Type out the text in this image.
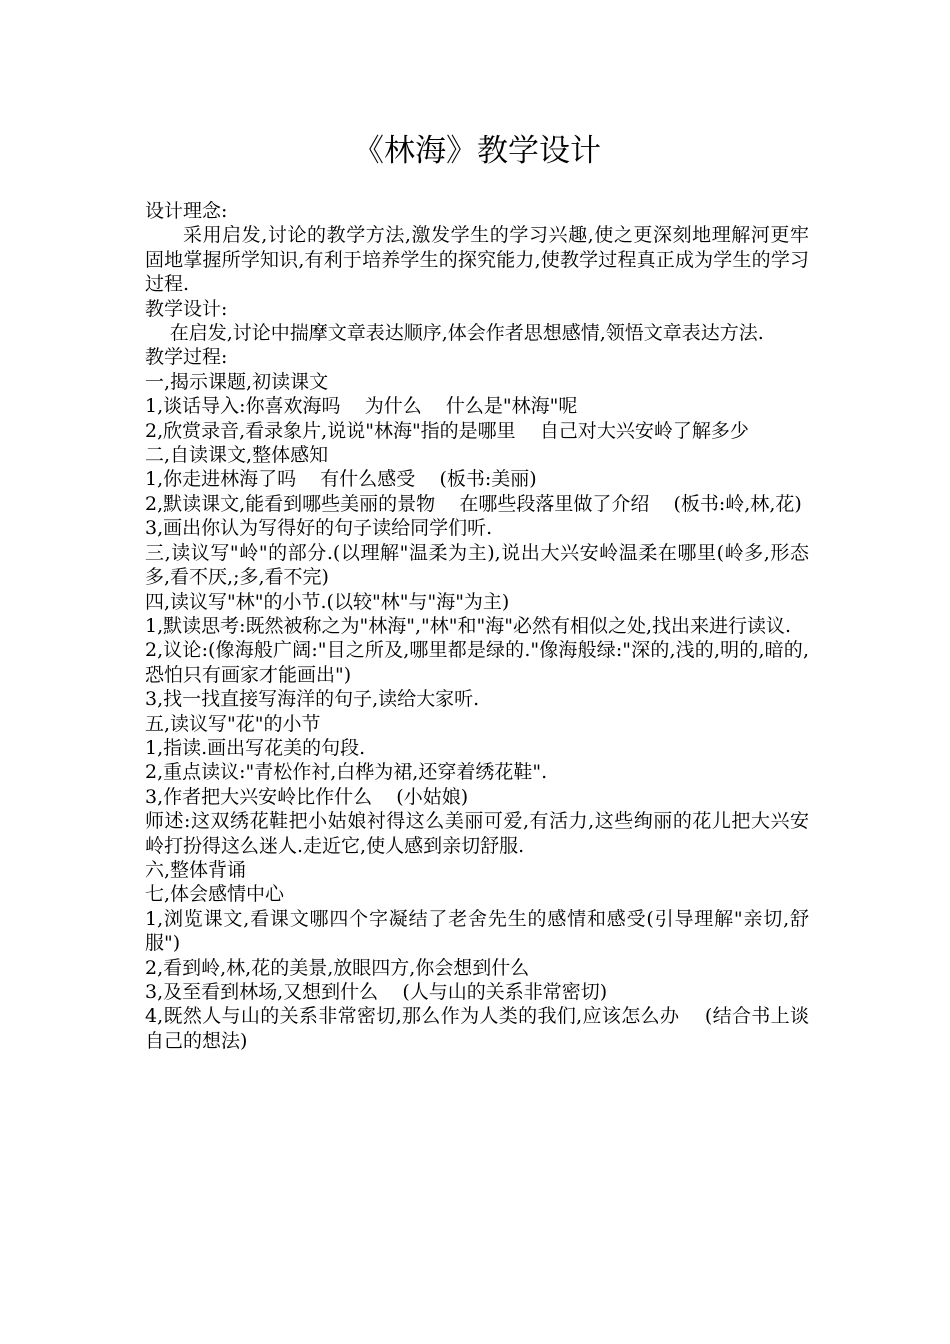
《林海》教学设计

设计理念:

采用启发,讨论的教学方法,激发学生的学习兴趣,使之更深刻地理解河更牢固地掌握所学知识,有利于培养学生的探究能力,使教学过程真正成为学生的学习过程.

教学设计:

在启发,讨论中揣摩文章表达顺序,体会作者思想感情,领悟文章表达方法.

教学过程:

一,揭示课题,初读课文

1,谈话导入:你喜欢海吗    为什么    什么是"林海"呢

2,欣赏录音,看录象片,说说"林海"指的是哪里    自己对大兴安岭了解多少

二,自读课文,整体感知

1,你走进林海了吗    有什么感受    (板书:美丽)

2,默读课文,能看到哪些美丽的景物    在哪些段落里做了介绍    (板书:岭,林,花)

3,画出你认为写得好的句子读给同学们听.

三,读议写"岭"的部分.(以理解"温柔为主),说出大兴安岭温柔在哪里(岭多,形态多,看不厌,;多,看不完)

四,读议写"林"的小节.(以较"林"与"海"为主)

1,默读思考:既然被称之为"林海","林"和"海"必然有相似之处,找出来进行读议.

2,议论:(像海般广阔:"目之所及,哪里都是绿的."像海般绿:"深的,浅的,明的,暗的,恐怕只有画家才能画出")

3,找一找直接写海洋的句子,读给大家听.

五,读议写"花"的小节

1,指读.画出写花美的句段.

2,重点读议:"青松作衬,白桦为裙,还穿着绣花鞋".

3,作者把大兴安岭比作什么    (小姑娘)

师述:这双绣花鞋把小姑娘衬得这么美丽可爱,有活力,这些绚丽的花儿把大兴安岭打扮得这么迷人.走近它,使人感到亲切舒服.

六,整体背诵

七,体会感情中心

1,浏览课文,看课文哪四个字凝结了老舍先生的感情和感受(引导理解"亲切,舒服")

2,看到岭,林,花的美景,放眼四方,你会想到什么

3,及至看到林场,又想到什么    (人与山的关系非常密切)

4,既然人与山的关系非常密切,那么作为人类的我们,应该怎么办    (结合书上谈自己的想法)
